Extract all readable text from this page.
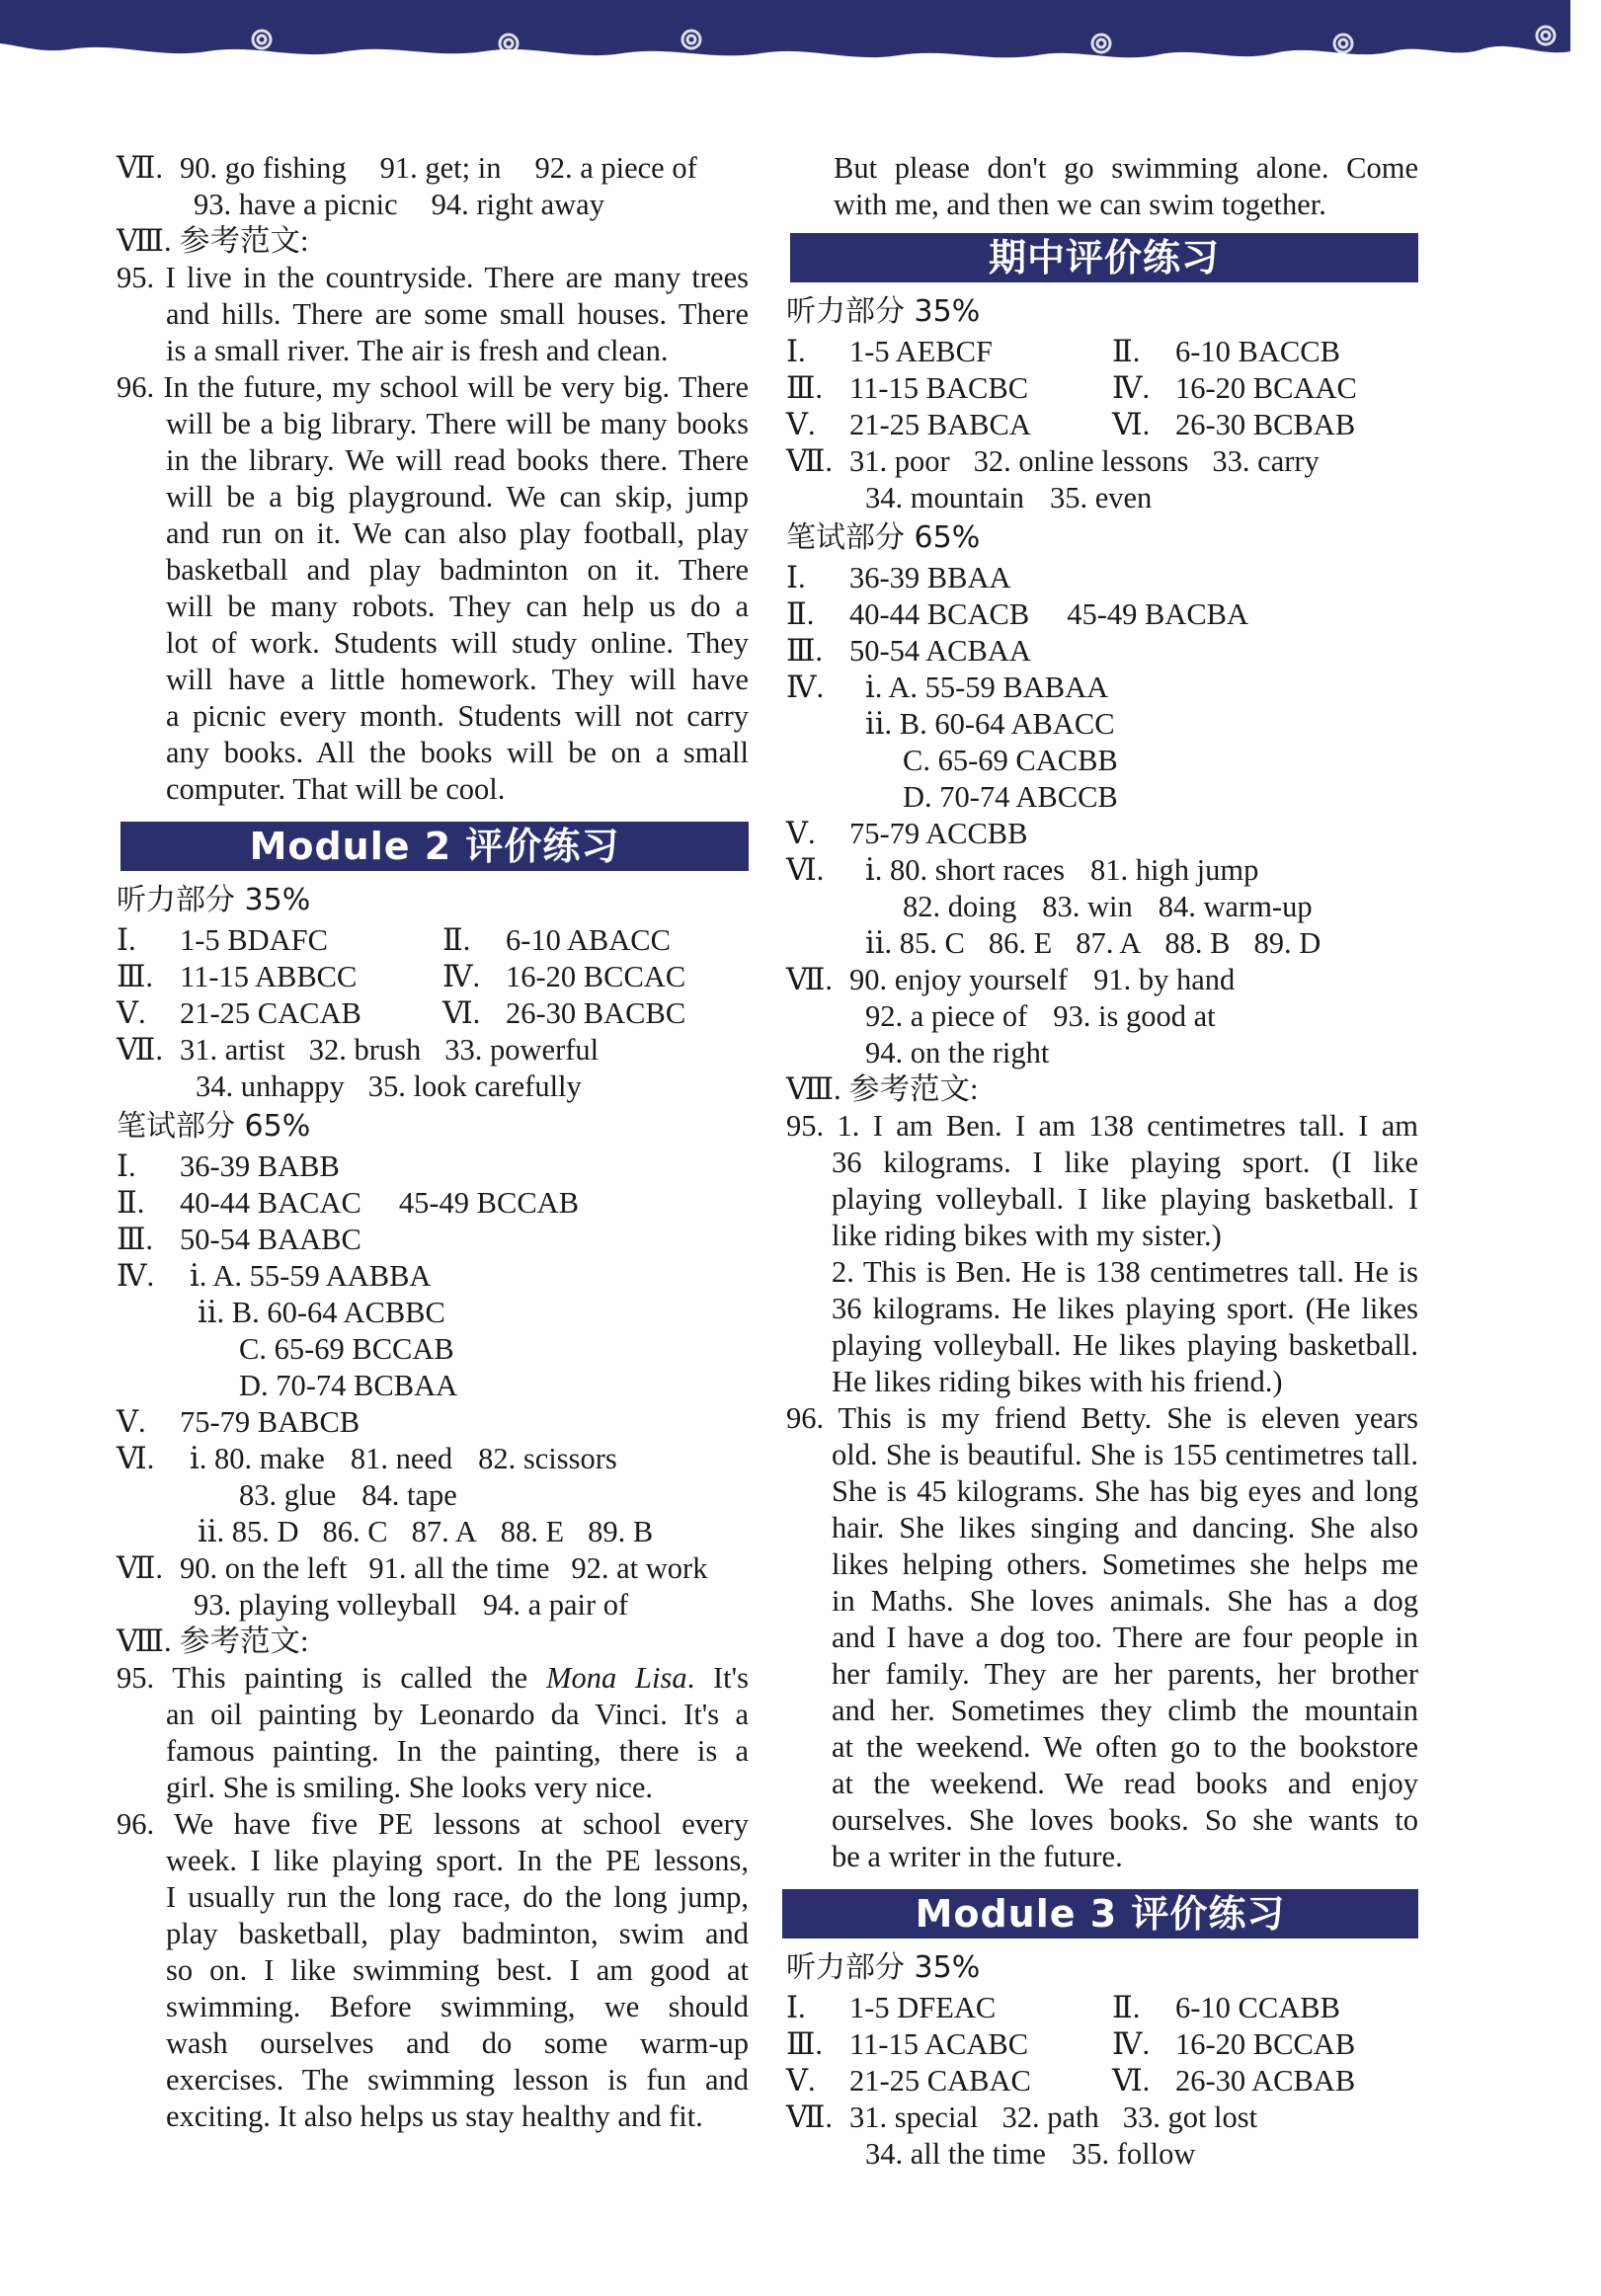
Ⅶ. 90. go fishing 91. get; in 92. a piece of
93. have a picnic 94. right away
Ⅷ. 参考范文:
95. I live in the countryside. There are many trees
and hills. There are some small houses. There
is a small river. The air is fresh and clean.
96. In the future, my school will be very big. There
will be a big library. There will be many books
in the library. We will read books there. There
will be a big playground. We can skip, jump
and run on it. We can also play football, play
basketball and play badminton on it. There
will be many robots. They can help us do a
lot of work. Students will study online. They
will have a little homework. They will have
a picnic every month. Students will not carry
any books. All the books will be on a small
computer. That will be cool.
Module 2 评价练习
听力部分 35%
Ⅰ. 1-5 BDAFC	Ⅱ. 6-10 ABACC
Ⅲ. 11-15 ABBCC	Ⅳ. 16-20 BCCAC
Ⅴ. 21-25 CACAB	Ⅵ. 26-30 BACBC
Ⅶ. 31. artist 32. brush 33. powerful
34. unhappy 35. look carefully
笔试部分 65%
Ⅰ. 36-39 BABB
Ⅱ. 40-44 BACAC 45-49 BCCAB
Ⅲ. 50-54 BAABC
Ⅳ. ⅰ. A. 55-59 AABBA
ⅱ. B. 60-64 ACBBC
C. 65-69 BCCAB
D. 70-74 BCBAA
Ⅴ. 75-79 BABCB
Ⅵ. ⅰ. 80. make 81. need 82. scissors
83. glue 84. tape
ⅱ. 85. D 86. C 87. A 88. E 89. B
Ⅶ. 90. on the left 91. all the time 92. at work
93. playing volleyball 94. a pair of
Ⅷ. 参考范文:
95. This painting is called the Mona Lisa. It's
an oil painting by Leonardo da Vinci. It's a
famous painting. In the painting, there is a
girl. She is smiling. She looks very nice.
96. We have five PE lessons at school every
week. I like playing sport. In the PE lessons,
I usually run the long race, do the long jump,
play basketball, play badminton, swim and
so on. I like swimming best. I am good at
swimming. Before swimming, we should
wash ourselves and do some warm-up
exercises. The swimming lesson is fun and
exciting. It also helps us stay healthy and fit.
But please don't go swimming alone. Come
with me, and then we can swim together.
期中评价练习
听力部分 35%
Ⅰ. 1-5 AEBCF	Ⅱ. 6-10 BACCB
Ⅲ. 11-15 BACBC	Ⅳ. 16-20 BCAAC
Ⅴ. 21-25 BABCA	Ⅵ. 26-30 BCBAB
Ⅶ. 31. poor 32. online lessons 33. carry
34. mountain 35. even
笔试部分 65%
Ⅰ. 36-39 BBAA
Ⅱ. 40-44 BCACB 45-49 BACBA
Ⅲ. 50-54 ACBAA
Ⅳ. ⅰ. A. 55-59 BABAA
ⅱ. B. 60-64 ABACC
C. 65-69 CACBB
D. 70-74 ABCCB
Ⅴ. 75-79 ACCBB
Ⅵ. ⅰ. 80. short races 81. high jump
82. doing 83. win 84. warm-up
ⅱ. 85. C 86. E 87. A 88. B 89. D
Ⅶ. 90. enjoy yourself 91. by hand
92. a piece of 93. is good at
94. on the right
Ⅷ. 参考范文:
95. 1. I am Ben. I am 138 centimetres tall. I am
36 kilograms. I like playing sport. (I like
playing volleyball. I like playing basketball. I
like riding bikes with my sister.)
2. This is Ben. He is 138 centimetres tall. He is
36 kilograms. He likes playing sport. (He likes
playing volleyball. He likes playing basketball.
He likes riding bikes with his friend.)
96. This is my friend Betty. She is eleven years
old. She is beautiful. She is 155 centimetres tall.
She is 45 kilograms. She has big eyes and long
hair. She likes singing and dancing. She also
likes helping others. Sometimes she helps me
in Maths. She loves animals. She has a dog
and I have a dog too. There are four people in
her family. They are her parents, her brother
and her. Sometimes they climb the mountain
at the weekend. We often go to the bookstore
at the weekend. We read books and enjoy
ourselves. She loves books. So she wants to
be a writer in the future.
Module 3 评价练习
听力部分 35%
Ⅰ. 1-5 DFEAC	Ⅱ. 6-10 CCABB
Ⅲ. 11-15 ACABC	Ⅳ. 16-20 BCCAB
Ⅴ. 21-25 CABAC	Ⅵ. 26-30 ACBAB
Ⅶ. 31. special 32. path 33. got lost
34. all the time 35. follow
